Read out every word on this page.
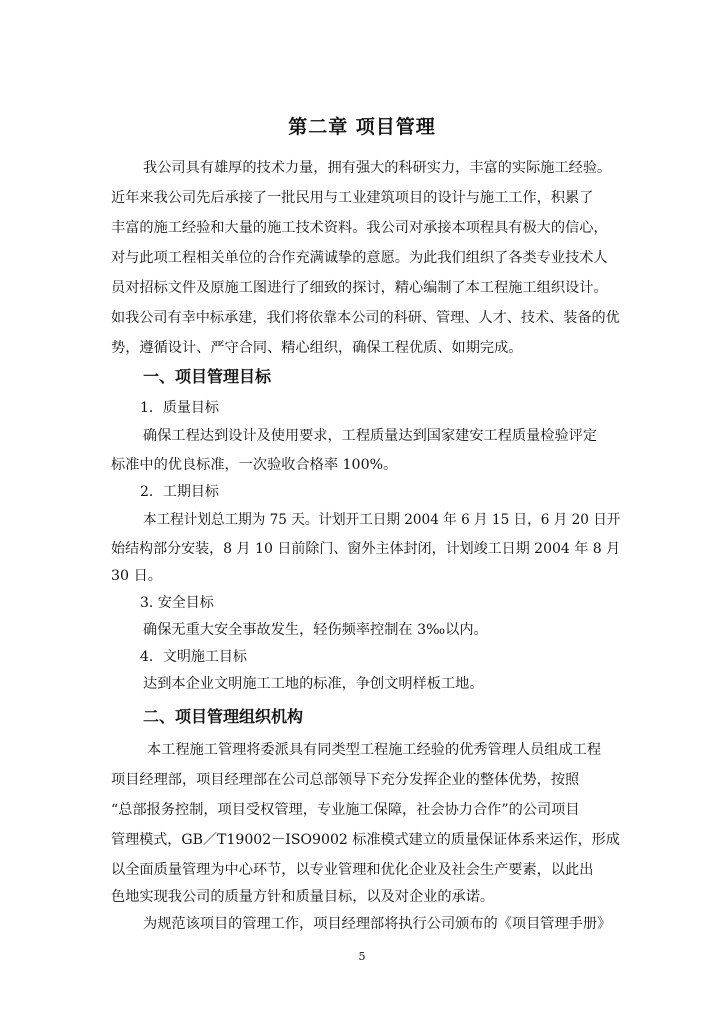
第二章 项目管理
我公司具有雄厚的技术力量，拥有强大的科研实力，丰富的实际施工经验。
近年来我公司先后承接了一批民用与工业建筑项目的设计与施工工作，积累了
丰富的施工经验和大量的施工技术资料。我公司对承接本项程具有极大的信心，
对与此项工程相关单位的合作充满诚挚的意愿。为此我们组织了各类专业技术人
员对招标文件及原施工图进行了细致的探讨，精心编制了本工程施工组织设计。
如我公司有幸中标承建，我们将依靠本公司的科研、管理、人才、技术、装备的优
势，遵循设计、严守合同、精心组织，确保工程优质、如期完成。
一、项目管理目标
1．质量目标
确保工程达到设计及使用要求，工程质量达到国家建安工程质量检验评定
标准中的优良标准，一次验收合格率 100%。
2．工期目标
本工程计划总工期为 75 天。计划开工日期 2004 年 6 月 15 日，6 月 20 日开
始结构部分安装，8 月 10 日前除门、窗外主体封闭，计划竣工日期 2004 年 8 月
30 日。
3. 安全目标
确保无重大安全事故发生，轻伤频率控制在 3‰以内。
4．文明施工目标
达到本企业文明施工工地的标准，争创文明样板工地。
二、项目管理组织机构
本工程施工管理将委派具有同类型工程施工经验的优秀管理人员组成工程
项目经理部，项目经理部在公司总部领导下充分发挥企业的整体优势，按照
“总部报务控制，项目受权管理，专业施工保障，社会协力合作”的公司项目
管理模式，GB／T19002－ISO9002 标准模式建立的质量保证体系来运作，形成
以全面质量管理为中心环节，以专业管理和优化企业及社会生产要素，以此出
色地实现我公司的质量方针和质量目标，以及对企业的承诺。
为规范该项目的管理工作，项目经理部将执行公司颁布的《项目管理手册》
5
